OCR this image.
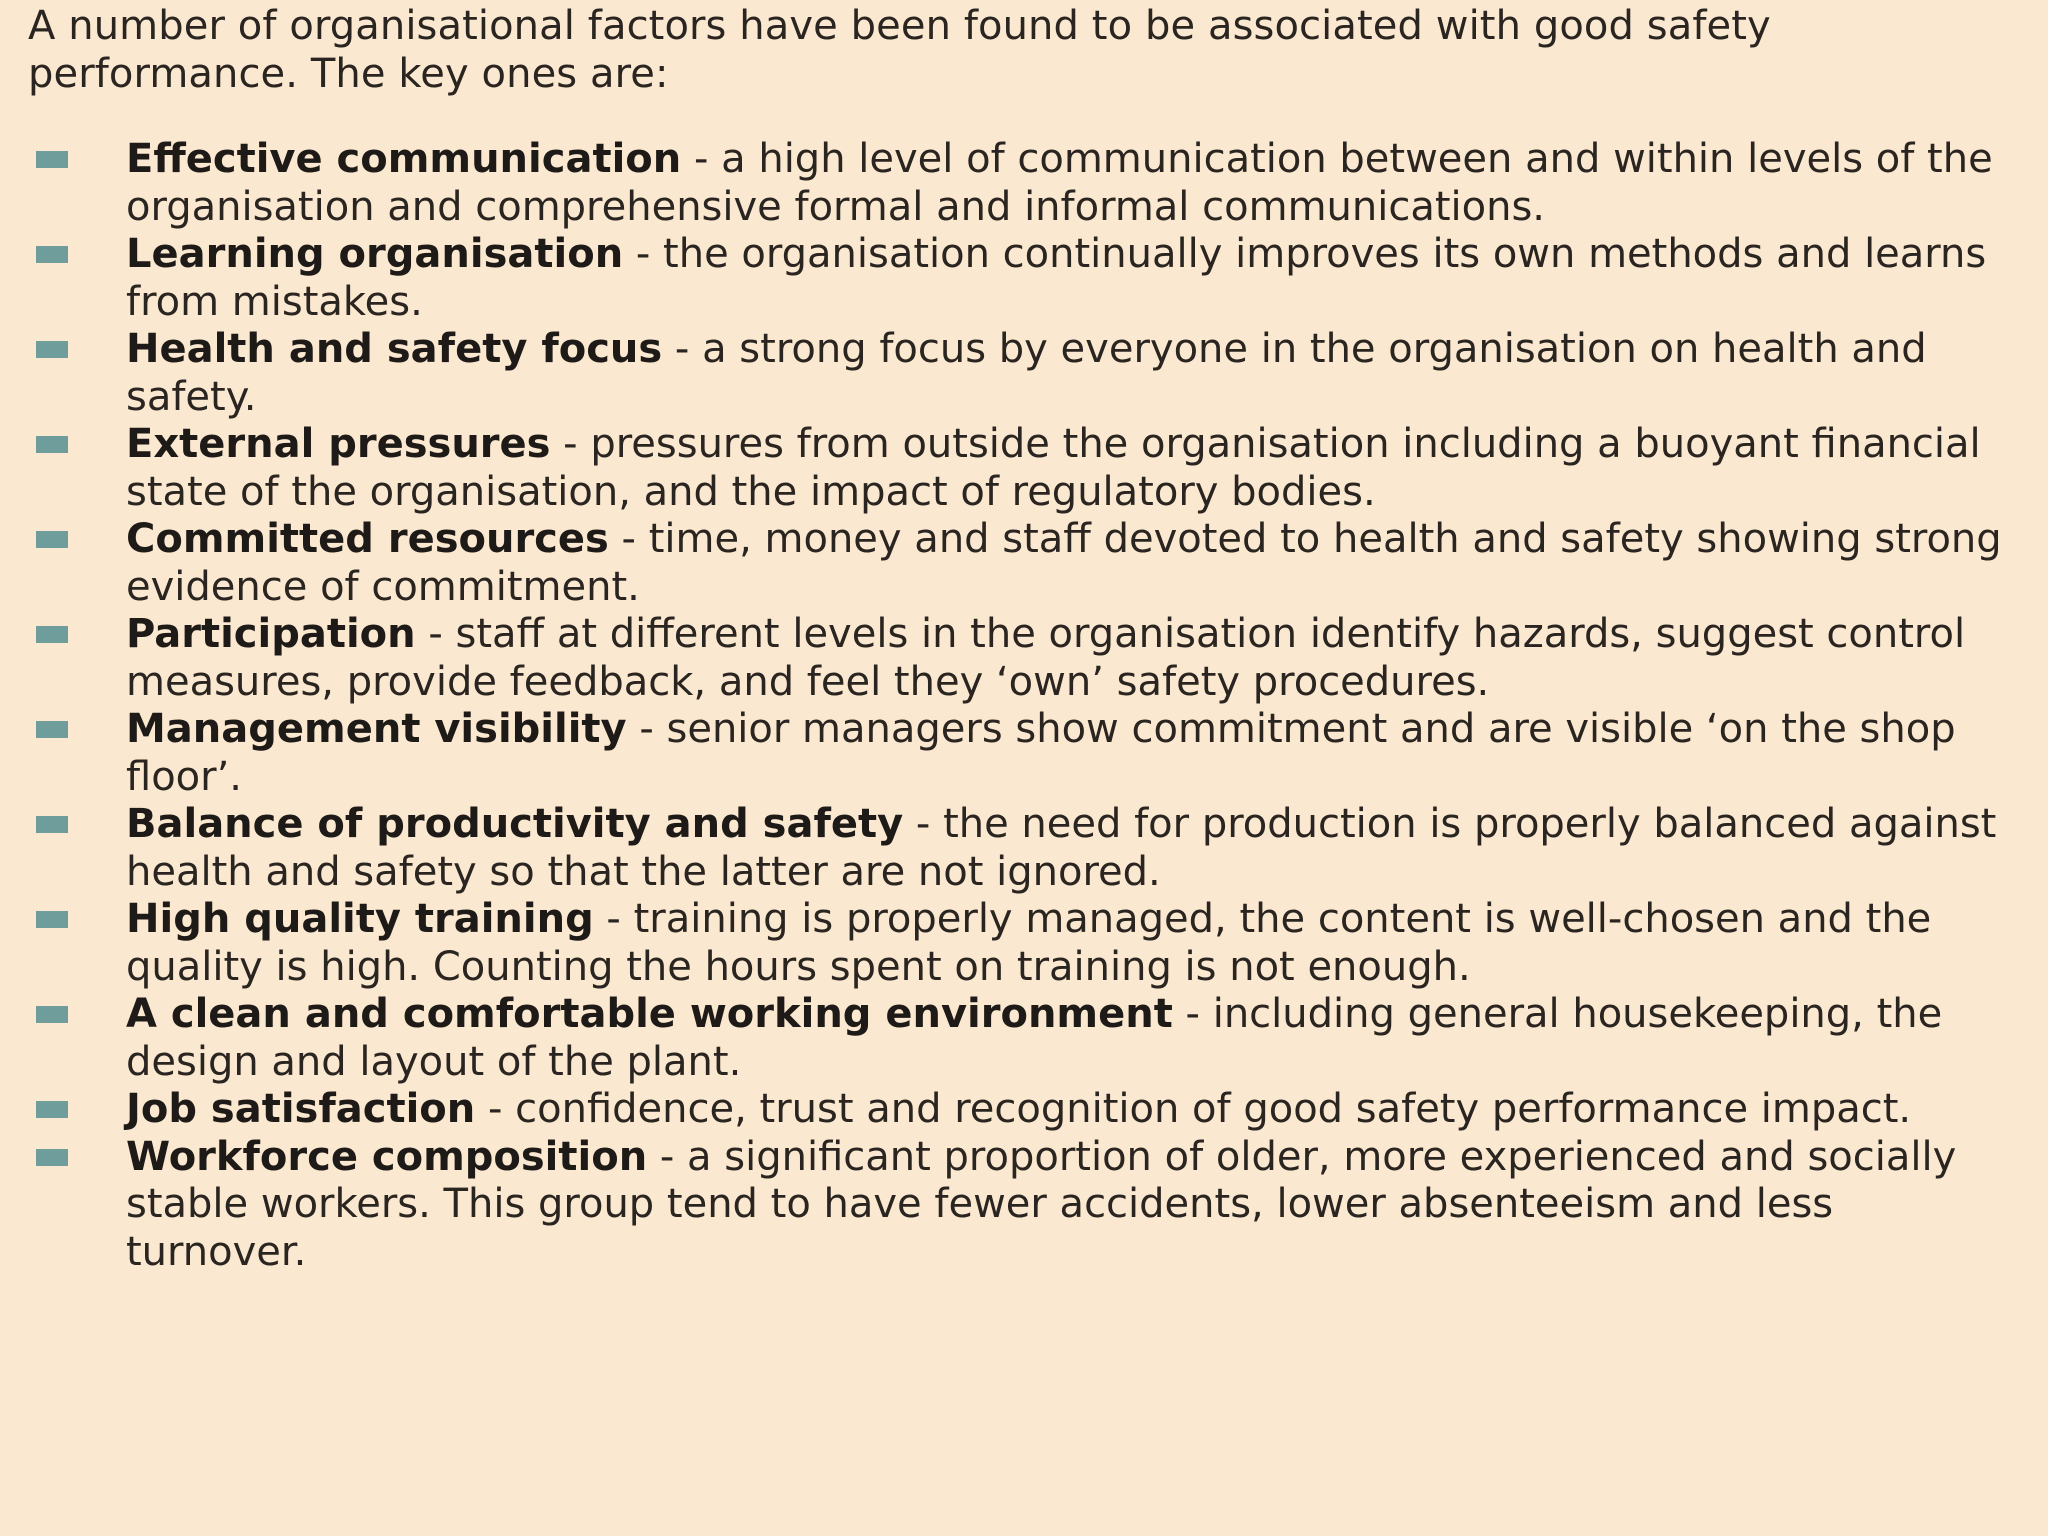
A number of organisational factors have been found to be associated with good safety performance. The key ones are:

Effective communication - a high level of communication between and within levels of the organisation and comprehensive formal and informal communications.
Learning organisation - the organisation continually improves its own methods and learns from mistakes.
Health and safety focus - a strong focus by everyone in the organisation on health and safety.
External pressures - pressures from outside the organisation including a buoyant financial state of the organisation, and the impact of regulatory bodies.
Committed resources - time, money and staff devoted to health and safety showing strong evidence of commitment.
Participation - staff at different levels in the organisation identify hazards, suggest control measures, provide feedback, and feel they ‘own’ safety procedures.
Management visibility - senior managers show commitment and are visible ‘on the shop floor’.
Balance of productivity and safety - the need for production is properly balanced against health and safety so that the latter are not ignored.
High quality training - training is properly managed, the content is well-chosen and the quality is high. Counting the hours spent on training is not enough.
A clean and comfortable working environment - including general housekeeping, the design and layout of the plant.
Job satisfaction - confidence, trust and recognition of good safety performance impact.
Workforce composition - a significant proportion of older, more experienced and socially stable workers. This group tend to have fewer accidents, lower absenteeism and less turnover.
